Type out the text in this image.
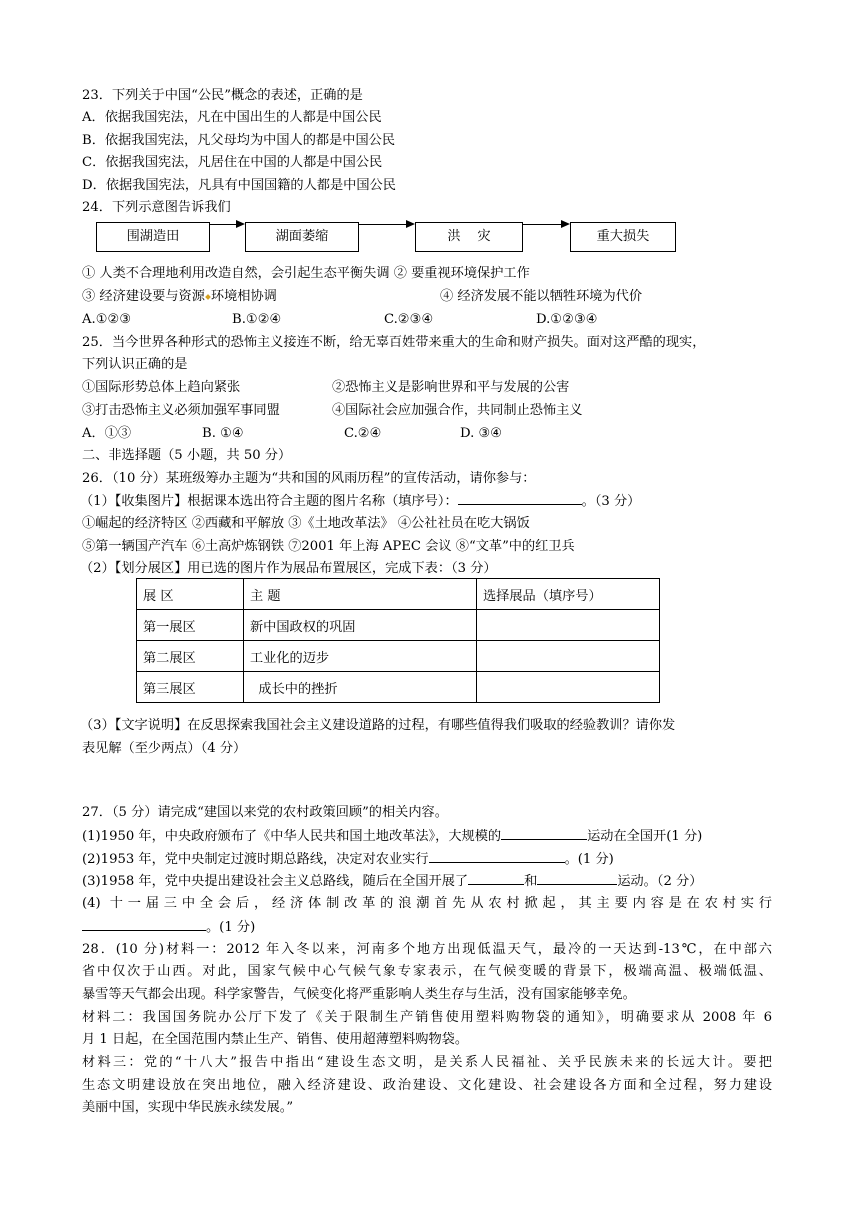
23．下列关于中国“公民”概念的表述，正确的是
A．依据我国宪法，凡在中国出生的人都是中国公民
B．依据我国宪法，凡父母均为中国人的都是中国公民
C．依据我国宪法，凡居住在中国的人都是中国公民
D．依据我国宪法，凡具有中国国籍的人都是中国公民
24．下列示意图告诉我们
围湖造田	湖面萎缩	洪    灾	重大损失
① 人类不合理地利用改造自然，会引起生态平衡失调 ② 要重视环境保护工作
③ 经济建设要与资源 环境相协调	④ 经济发展不能以牺牲环境为代价
A.①②③	B.①②④	C.②③④	D.①②③④
25．当今世界各种形式的恐怖主义接连不断，给无辜百姓带来重大的生命和财产损失。面对这严酷的现实，
下列认识正确的是
①国际形势总体上趋向紧张	②恐怖主义是影响世界和平与发展的公害
③打击恐怖主义必须加强军事同盟	④国际社会应加强合作，共同制止恐怖主义
A．①③	B. ①④	C.②④	D. ③④
二、非选择题（5 小题，共 50 分）
26．（10 分）某班级筹办主题为“共和国的风雨历程”的宣传活动，请你参与：
（1）【收集图片】根据课本选出符合主题的图片名称（填序号）：	。（3 分）
①崛起的经济特区 ②西藏和平解放 ③《土地改革法》 ④公社社员在吃大锅饭
⑤第一辆国产汽车 ⑥土高炉炼钢铁 ⑦2001 年上海 APEC 会议 ⑧“文革”中的红卫兵
（2）【划分展区】用已选的图片作为展品布置展区，完成下表：（3 分）
展 区	主 题	选择展品（填序号）
第一展区	新中国政权的巩固	
第二展区	工业化的迈步	
第三展区	成长中的挫折	
（3）【文字说明】在反思探索我国社会主义建设道路的过程，有哪些值得我们吸取的经验教训？请你发
表见解（至少两点）（4 分）
27．（5 分）请完成“建国以来党的农村政策回顾”的相关内容。
(1)1950 年，中央政府颁布了《中华人民共和国土地改革法》，大规模的	运动在全国开(1 分)
(2)1953 年，党中央制定过渡时期总路线，决定对农业实行	。(1 分)
(3)1958 年，党中央提出建设社会主义总路线，随后在全国开展了	和	运动。（2 分）
(4) 十一届三中全会后，经济体制改革的浪潮首先从农村掀起，其主要内容是在农村实行
。(1 分)
28．(10 分)材料一：2012 年入冬以来，河南多个地方出现低温天气，最冷的一天达到-13℃，在中部六
省中仅次于山西。对此，国家气候中心气候气象专家表示，在气候变暖的背景下，极端高温、极端低温、
暴雪等天气都会出现。科学家警告，气候变化将严重影响人类生存与生活，没有国家能够幸免。
材料二：我国国务院办公厅下发了《关于限制生产销售使用塑料购物袋的通知》，明确要求从 2008 年 6
月 1 日起，在全国范围内禁止生产、销售、使用超薄塑料购物袋。
材料三：党的“十八大”报告中指出“建设生态文明，是关系人民福祉、关乎民族未来的长远大计。要把
生态文明建设放在突出地位，融入经济建设、政治建设、文化建设、社会建设各方面和全过程，努力建设
美丽中国，实现中华民族永续发展。”
